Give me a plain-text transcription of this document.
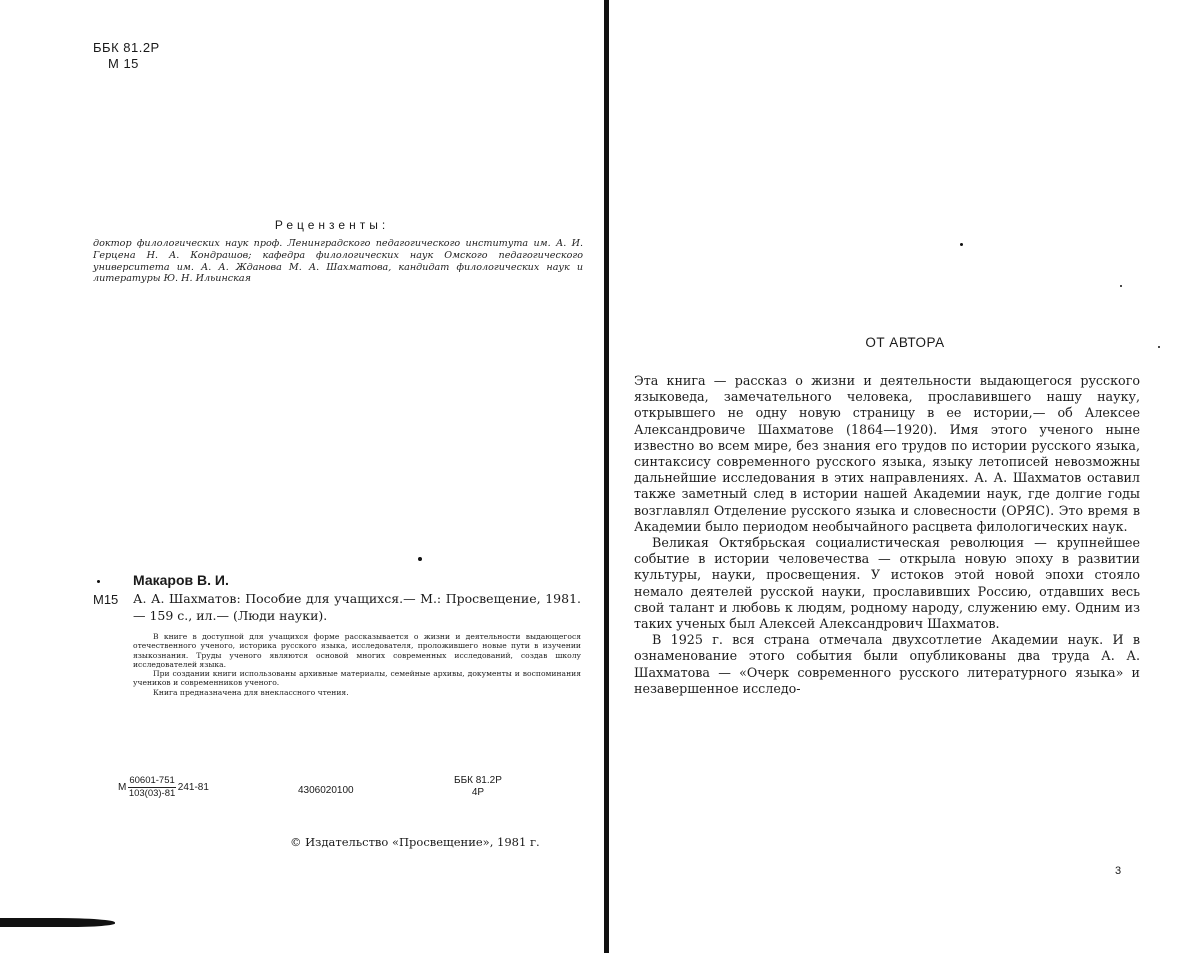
ББК 81.2Р
М 15
Рецензенты:
доктор филологических наук проф. Ленинградского педагогического института им. А. И. Герцена Н. А. Кондрашов; кафедра филологических наук Омского педагогического университета им. А. А. Жданова М. А. Шахматова, кандидат филологических наук и литературы Ю. Н. Ильинская
Макаров В. И.
М15 А. А. Шахматов: Пособие для учащихся.— М.: Просвещение, 1981.— 159 с., ил.— (Люди науки).

В книге в доступной для учащихся форме рассказывается о жизни и деятельности выдающегося отечественного ученого, историка русского языка, исследователя, проложившего новые пути в изучении языкознания. Труды ученого являются основой многих современных исследований, создав школу исследователей языка.

При создании книги использованы архивные материалы, семейные архивы, документы и воспоминания учеников и современников ученого.

Книга предназначена для внеклассного чтения.

М $\frac{60601-751}{103(03)-81} 241-81$	4306020100
ББК 81.2Р
4Р
© Издательство «Просвещение», 1981 г.
ОТ АВТОРА

Эта книга — рассказ о жизни и деятельности выдающегося русского языковеда, замечательного человека, прославившего нашу науку, открывшего не одну новую страницу в ее истории,— об Алексее Александровиче Шахматове (1864—1920). Имя этого ученого ныне известно во всем мире, без знания его трудов по истории русского языка, синтаксису современного русского языка, языку летописей невозможны дальнейшие исследования в этих направлениях. А. А. Шахматов оставил также заметный след в истории нашей Академии наук, где долгие годы возглавлял Отделение русского языка и словесности (ОРЯС). Это время в Академии было периодом необычайного расцвета филологических наук.

Великая Октябрьская социалистическая революция — крупнейшее событие в истории человечества — открыла новую эпоху в развитии культуры, науки, просвещения. У истоков этой новой эпохи стояло немало деятелей русской науки, прославивших Россию, отдавших весь свой талант и любовь к людям, родному народу, служению ему. Одним из таких ученых был Алексей Александрович Шахматов.

В 1925 г. вся страна отмечала двухсотлетие Академии наук. И в ознаменование этого события были опубликованы два труда А. А. Шахматова — «Очерк современного русского литературного языка» и незавершенное исследо-

3
